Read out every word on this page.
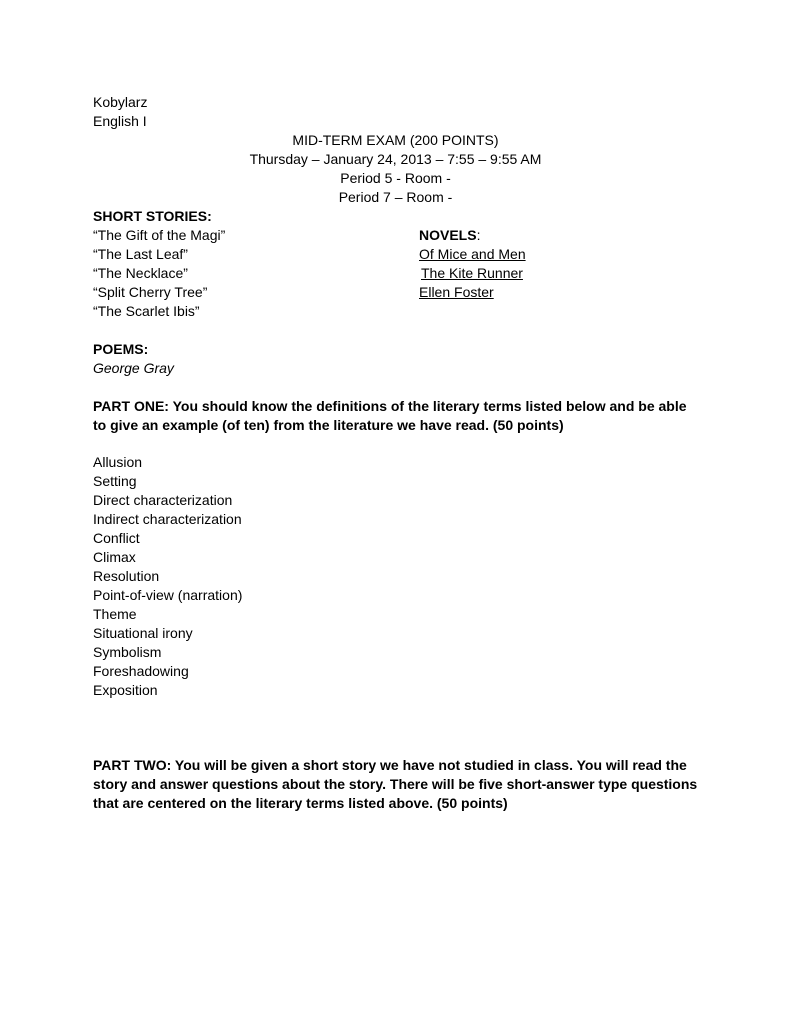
Kobylarz
English I
MID-TERM EXAM (200 POINTS)
Thursday – January 24, 2013 – 7:55 – 9:55 AM
Period 5 - Room -
Period 7 – Room -
SHORT STORIES:
“The Gift of the Magi”
“The Last Leaf”
“The Necklace”
“Split Cherry Tree”
“The Scarlet Ibis”
NOVELS:
Of Mice and Men
The Kite Runner
Ellen Foster
POEMS:
George Gray
PART ONE: You should know the definitions of the literary terms listed below and be able to give an example (of ten) from the literature we have read. (50 points)
Allusion
Setting
Direct characterization
Indirect characterization
Conflict
Climax
Resolution
Point-of-view (narration)
Theme
Situational irony
Symbolism
Foreshadowing
Exposition
PART TWO: You will be given a short story we have not studied in class. You will read the story and answer questions about the story. There will be five short-answer type questions that are centered on the literary terms listed above. (50 points)
